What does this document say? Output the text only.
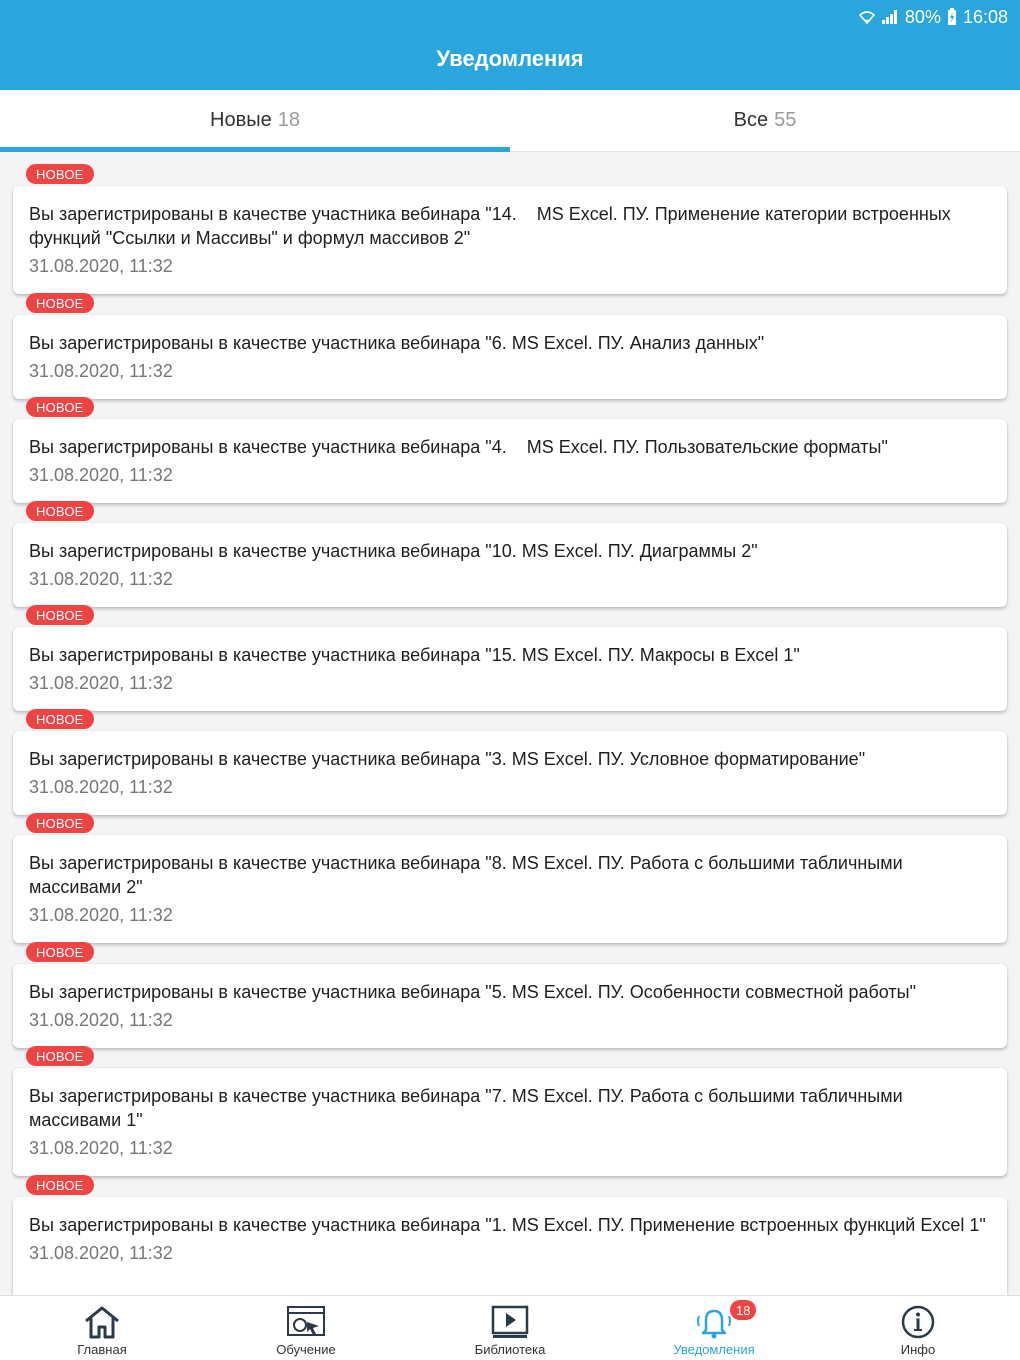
80% 16:08
Уведомления
Новые 18	Все 55
НОВОЕ
Вы зарегистрированы в качестве участника вебинара "14.    MS Excel. ПУ. Применение категории встроенных функций "Ссылки и Массивы" и формул массивов 2"
31.08.2020, 11:32
НОВОЕ
Вы зарегистрированы в качестве участника вебинара "6. MS Excel. ПУ. Анализ данных"
31.08.2020, 11:32
НОВОЕ
Вы зарегистрированы в качестве участника вебинара "4.    MS Excel. ПУ. Пользовательские форматы"
31.08.2020, 11:32
НОВОЕ
Вы зарегистрированы в качестве участника вебинара "10. MS Excel. ПУ. Диаграммы 2"
31.08.2020, 11:32
НОВОЕ
Вы зарегистрированы в качестве участника вебинара "15. MS Excel. ПУ. Макросы в Excel 1"
31.08.2020, 11:32
НОВОЕ
Вы зарегистрированы в качестве участника вебинара "3. MS Excel. ПУ. Условное форматирование"
31.08.2020, 11:32
НОВОЕ
Вы зарегистрированы в качестве участника вебинара "8. MS Excel. ПУ. Работа с большими табличными массивами 2"
31.08.2020, 11:32
НОВОЕ
Вы зарегистрированы в качестве участника вебинара "5. MS Excel. ПУ. Особенности совместной работы"
31.08.2020, 11:32
НОВОЕ
Вы зарегистрированы в качестве участника вебинара "7. MS Excel. ПУ. Работа с большими табличными массивами 1"
31.08.2020, 11:32
НОВОЕ
Вы зарегистрированы в качестве участника вебинара "1. MS Excel. ПУ. Применение встроенных функций Excel 1"
31.08.2020, 11:32
Главная	Обучение	Библиотека
18
Уведомления	Инфо
